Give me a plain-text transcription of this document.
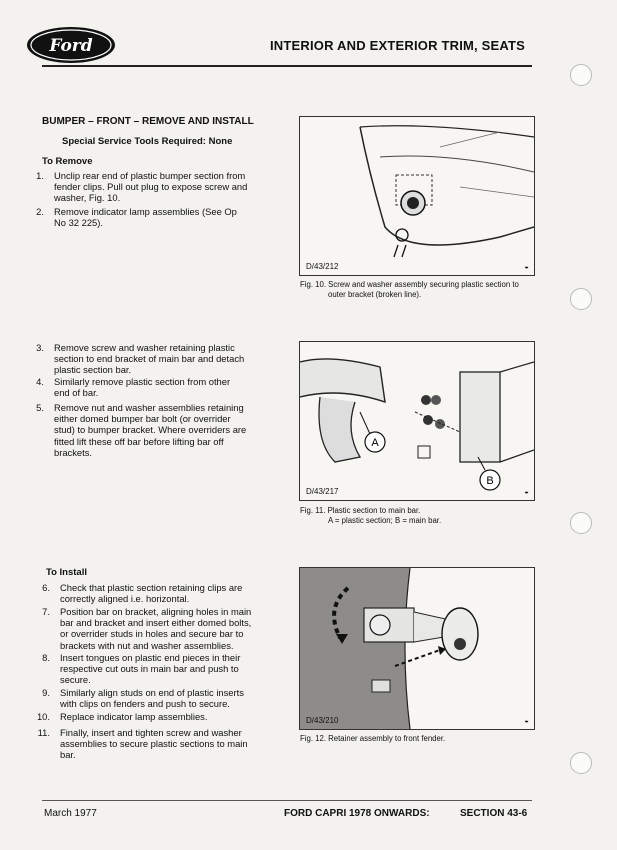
Ford	INTERIOR AND EXTERIOR TRIM, SEATS
BUMPER – FRONT – REMOVE AND INSTALL
Special Service Tools Required: None
To Remove
1. Unclip rear end of plastic bumper section from
fender clips. Pull out plug to expose screw and
washer, Fig. 10.
2. Remove indicator lamp assemblies (See Op
No 32 225).
3. Remove screw and washer retaining plastic
section to end bracket of main bar and detach
plastic section bar.
4. Similarly remove plastic section from other
end of bar.
5. Remove nut and washer assemblies retaining
either domed bumper bar bolt (or overrider
stud) to bumper bracket. Where overriders are
fitted lift these off bar before lifting bar off
brackets.
To Install
6. Check that plastic section retaining clips are
correctly aligned i.e. horizontal.
7. Position bar on bracket, aligning holes in main
bar and bracket and insert either domed bolts,
or overrider studs in holes and secure bar to
brackets with nut and washer assemblies.
8. Insert tongues on plastic end pieces in their
respective cut outs in main bar and push to
secure.
9. Similarly align studs on end of plastic inserts
with clips on fenders and push to secure.
10. Replace indicator lamp assemblies.
11. Finally, insert and tighten screw and washer
assemblies to secure plastic sections to main
bar.
D/43/212	◒
Fig. 10. Screw and washer assembly securing plastic section to
outer bracket (broken line).
A
B
D/43/217	◒
Fig. 11. Plastic section to main bar.
A = plastic section; B = main bar.
D/43/210	◒
Fig. 12. Retainer assembly to front fender.
March 1977	FORD CAPRI 1978 ONWARDS:	SECTION 43-6
